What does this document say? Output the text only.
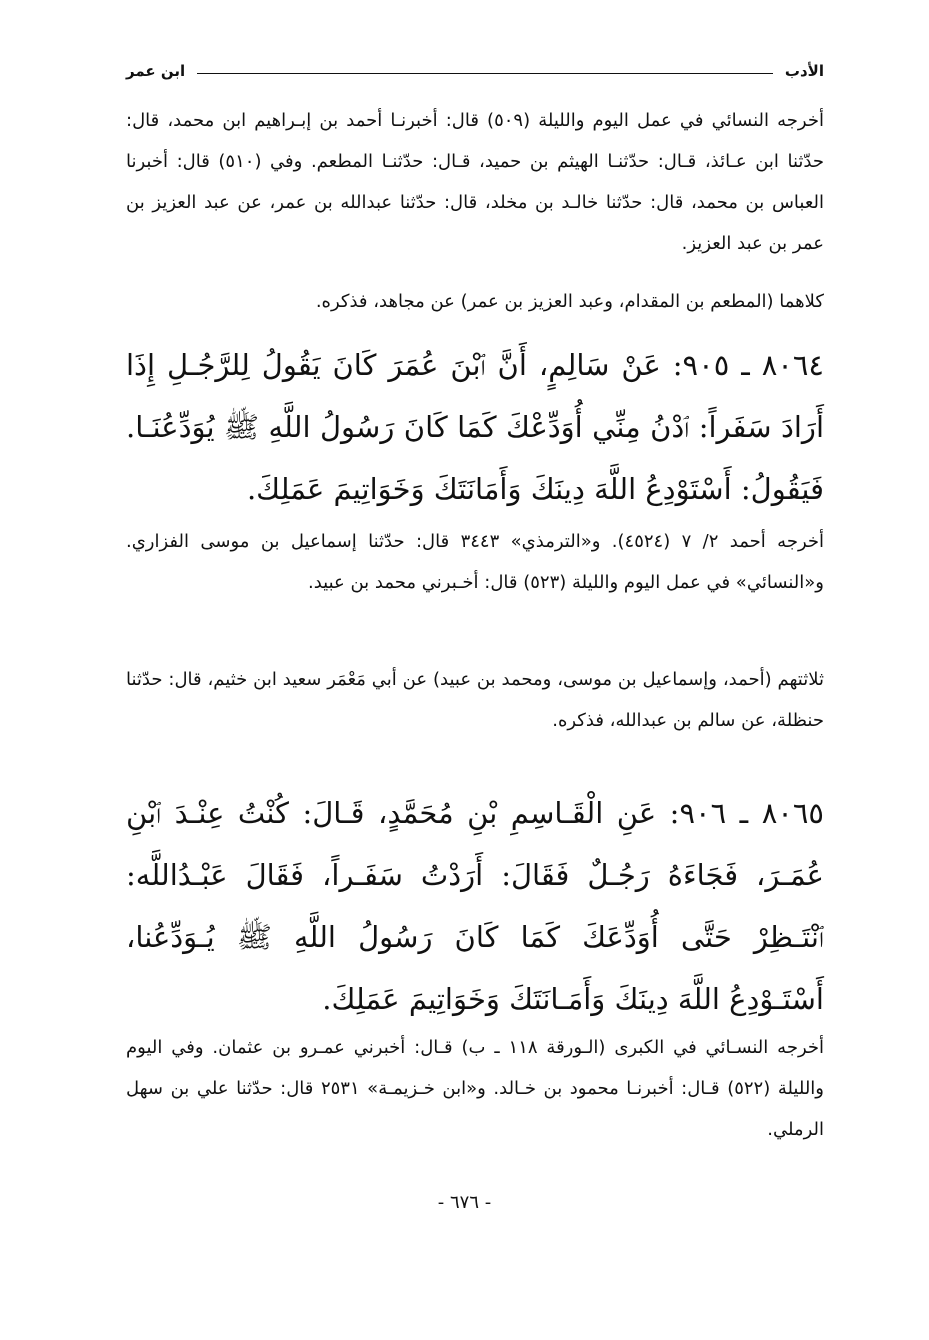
الأدب
ابن عمر
أخرجه النسائي في عمل اليوم والليلة (٥٠٩) قال: أخبرنـا أحمد بن إبـراهيم ابن محمد، قال: حدّثنا ابن عـائذ، قـال: حدّثنـا الهيثم بن حميد، قـال: حدّثنـا المطعم. وفي (٥١٠) قال: أخبرنا العباس بن محمد، قال: حدّثنا خالـد بن مخلد، قال: حدّثنا عبدالله بن عمر، عن عبد العزيز بن عمر بن عبد العزيز.
كلاهما (المطعم بن المقدام، وعبد العزيز بن عمر) عن مجاهد، فذكره.
٨٠٦٤ ـ ٩٠٥: عَنْ سَالِمٍ، أَنَّ ٱبْنَ عُمَرَ كَانَ يَقُولُ لِلرَّجُـلِ إِذَا أَرَادَ سَفَراً: ٱدْنُ مِنِّي أُوَدِّعْكَ كَمَا كَانَ رَسُولُ اللَّهِ ﷺ يُوَدِّعُنَـا. فَيَقُولُ: أَسْتَوْدِعُ اللَّهَ دِينَكَ وَأَمَانَتَكَ وَخَوَاتِيمَ عَمَلِكَ.
أخرجه أحمد ٢/ ٧ (٤٥٢٤). و«الترمذي» ٣٤٤٣ قال: حدّثنا إسماعيل بن موسى الفزاري. و«النسائي» في عمل اليوم والليلة (٥٢٣) قال: أخـبرني محمد بن عبيد.
ثلاثتهم (أحمد، وإسماعيل بن موسى، ومحمد بن عبيد) عن أبي مَعْمَر سعيد ابن خثيم، قال: حدّثنا حنظلة، عن سالم بن عبدالله، فذكره.
٨٠٦٥ ـ ٩٠٦: عَنِ الْقَـاسِمِ بْنِ مُحَمَّدٍ، قَـالَ: كُنْتُ عِنْـدَ ٱبْنِ عُمَـرَ، فَجَاءَهُ رَجُـلٌ فَقَالَ: أَرَدْتُ سَفَـراً، فَقَالَ عَبْـدُاللَّه: ٱنْتَـظِرْ حَتَّى أُوَدِّعَكَ كَمَا كَانَ رَسُولُ اللَّهِ ﷺ يُـوَدِّعُنا، أَسْتَـوْدِعُ اللَّهَ دِينَكَ وَأَمَـانَتَكَ وَخَوَاتِيمَ عَمَلِكَ.
أخرجه النسـائي في الكبرى (الـورقة ١١٨ ـ ب) قـال: أخبرني عمـرو بن عثمان. وفي اليوم والليلة (٥٢٢) قـال: أخبرنـا محمود بن خـالد. و«ابن خـزيمـة» ٢٥٣١ قال: حدّثنا علي بن سهل الرملي.
- ٦٧٦ -
